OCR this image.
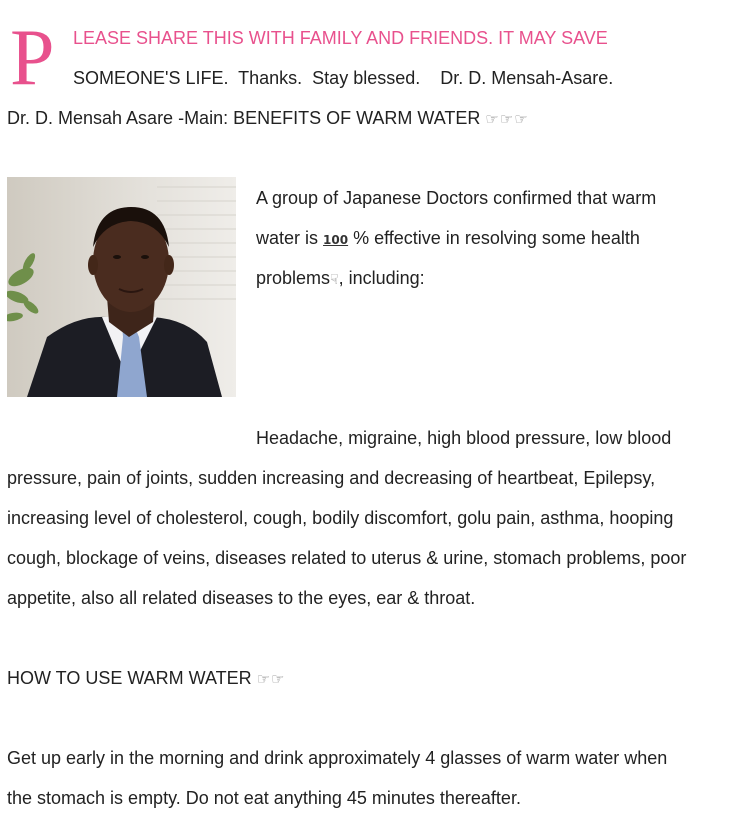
P LEASE SHARE THIS WITH FAMILY AND FRIENDS. IT MAY SAVE
SOMEONE'S LIFE.  Thanks.  Stay blessed.    Dr. D. Mensah-Asare.
Dr. D. Mensah Asare -Main: BENEFITS OF WARM WATER ☞☞☞
A group of Japanese Doctors confirmed that warm
water is 100 % effective in resolving some health
problems☟, including:
Headache, migraine, high blood pressure, low blood
pressure, pain of joints, sudden increasing and decreasing of heartbeat, Epilepsy,
increasing level of cholesterol, cough, bodily discomfort, golu pain, asthma, hooping
cough, blockage of veins, diseases related to uterus & urine, stomach problems, poor
appetite, also all related diseases to the eyes, ear & throat.
HOW TO USE WARM WATER ☞☞
Get up early in the morning and drink approximately 4 glasses of warm water when
the stomach is empty. Do not eat anything 45 minutes thereafter.
